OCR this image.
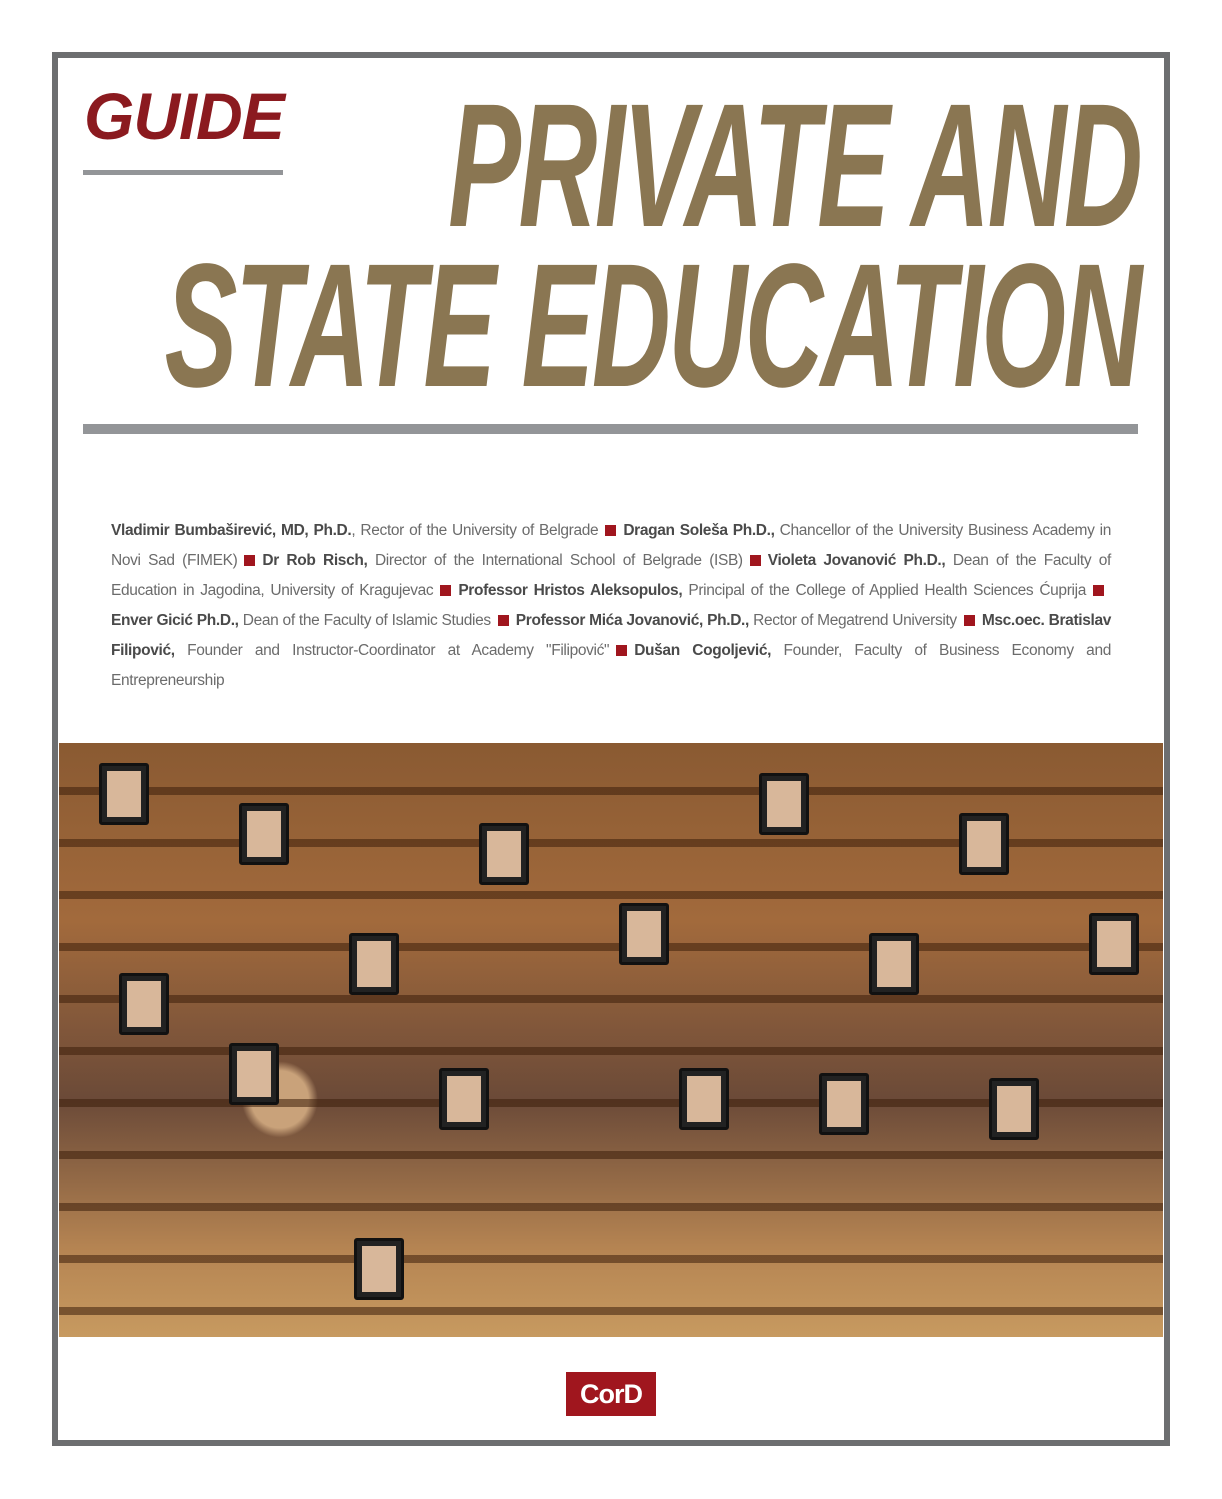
GUIDE PRIVATE AND
STATE EDUCATION
Vladimir Bumbaširević, MD, Ph.D., Rector of the University of Belgrade Dragan Soleša Ph.D., Chancellor of the University Business Academy in Novi Sad (FIMEK) Dr Rob Risch, Director of the International School of Belgrade (ISB) Violeta Jovanović Ph.D., Dean of the Faculty of Education in Jagodina, University of Kragujevac Professor Hristos Aleksopulos, Principal of the College of Applied Health Sciences ĆuprijaEnver Gicić Ph.D., Dean of the Faculty of Islamic Studies Professor Mića Jovanović, Ph.D., Rector of Megatrend University Msc.oec. Bratislav Filipović, Founder and Instructor-Coordinator at Academy "Filipović" Dušan Cogoljević, Founder, Faculty of Business Economy and Entrepreneurship
CorD
